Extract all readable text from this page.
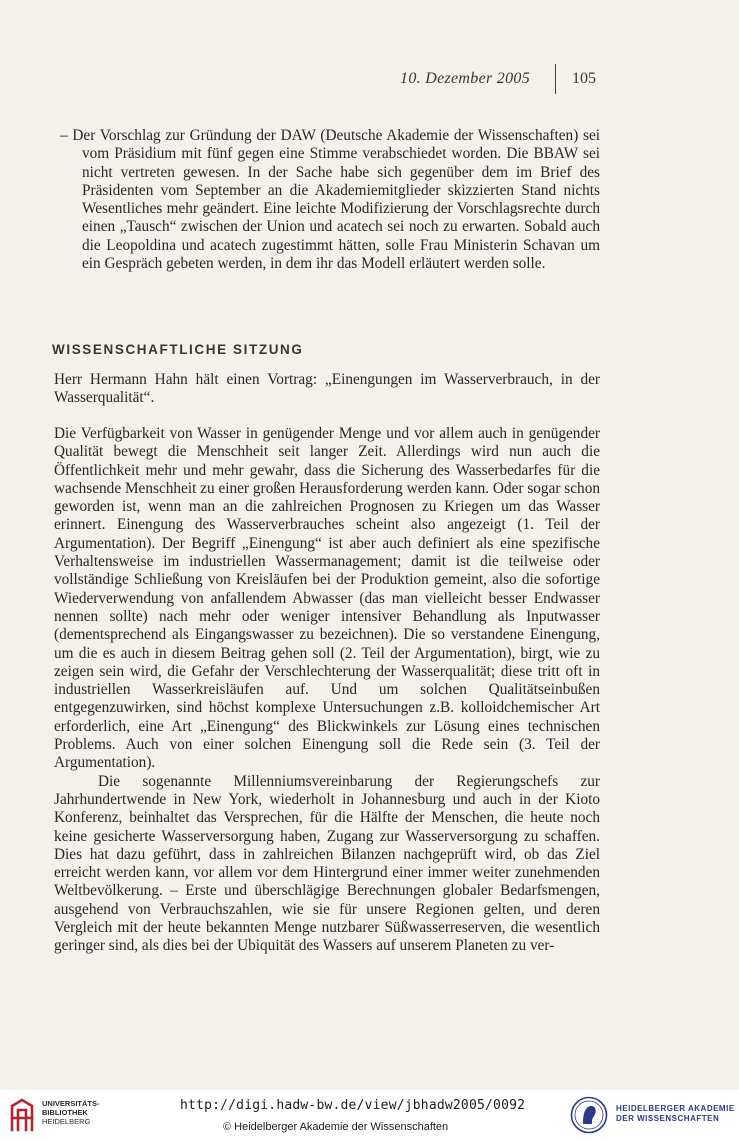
10. Dezember 2005	105

– Der Vorschlag zur Gründung der DAW (Deutsche Akademie der Wissenschaften) sei vom Präsidium mit fünf gegen eine Stimme verabschiedet worden. Die BBAW sei nicht vertreten gewesen. In der Sache habe sich gegenüber dem im Brief des Präsidenten vom September an die Akademiemitglieder skizzierten Stand nichts Wesentliches mehr geändert. Eine leichte Modifizierung der Vorschlagsrechte durch einen „Tausch“ zwischen der Union und acatech sei noch zu erwarten. Sobald auch die Leopoldina und acatech zugestimmt hätten, solle Frau Ministerin Schavan um ein Gespräch gebeten werden, in dem ihr das Modell erläutert werden solle.

WISSENSCHAFTLICHE SITZUNG

Herr Hermann Hahn hält einen Vortrag: „Einengungen im Wasserverbrauch, in der Wasserqualität“.

Die Verfügbarkeit von Wasser in genügender Menge und vor allem auch in genügender Qualität bewegt die Menschheit seit langer Zeit. Allerdings wird nun auch die Öffentlichkeit mehr und mehr gewahr, dass die Sicherung des Wasserbedarfes für die wachsende Menschheit zu einer großen Herausforderung werden kann. Oder sogar schon geworden ist, wenn man an die zahlreichen Prognosen zu Kriegen um das Wasser erinnert. Einengung des Wasserverbrauches scheint also angezeigt (1. Teil der Argumentation). Der Begriff „Einengung“ ist aber auch definiert als eine spezifische Verhaltensweise im industriellen Wassermanagement; damit ist die teilweise oder vollständige Schließung von Kreisläufen bei der Produktion gemeint, also die sofortige Wiederverwendung von anfallendem Abwasser (das man vielleicht besser Endwasser nennen sollte) nach mehr oder weniger intensiver Behandlung als Inputwasser (dementsprechend als Eingangswasser zu bezeichnen). Die so verstandene Einengung, um die es auch in diesem Beitrag gehen soll (2. Teil der Argumentation), birgt, wie zu zeigen sein wird, die Gefahr der Verschlechterung der Wasserqualität; diese tritt oft in industriellen Wasserkreisläufen auf. Und um solchen Qualitätseinbußen entgegenzuwirken, sind höchst komplexe Untersuchungen z.B. kolloidchemischer Art erforderlich, eine Art „Einengung“ des Blickwinkels zur Lösung eines technischen Problems. Auch von einer solchen Einengung soll die Rede sein (3. Teil der Argumentation).

Die sogenannte Millenniumsvereinbarung der Regierungschefs zur Jahrhundertwende in New York, wiederholt in Johannesburg und auch in der Kioto Konferenz, beinhaltet das Versprechen, für die Hälfte der Menschen, die heute noch keine gesicherte Wasserversorgung haben, Zugang zur Wasserversorgung zu schaffen. Dies hat dazu geführt, dass in zahlreichen Bilanzen nachgeprüft wird, ob das Ziel erreicht werden kann, vor allem vor dem Hintergrund einer immer weiter zunehmenden Weltbevölkerung. – Erste und überschlägige Berechnungen globaler Bedarfsmengen, ausgehend von Verbrauchszahlen, wie sie für unsere Regionen gelten, und deren Vergleich mit der heute bekannten Menge nutzbarer Süßwasserreserven, die wesentlich geringer sind, als dies bei der Ubiquität des Wassers auf unserem Planeten zu ver-

UNIVERSITÄTS-
BIBLIOTHEK
HEIDELBERG
http://digi.hadw-bw.de/view/jbhadw2005/0092
© Heidelberger Akademie der Wissenschaften
HEIDELBERGER AKADEMIE
DER WISSENSCHAFTEN
